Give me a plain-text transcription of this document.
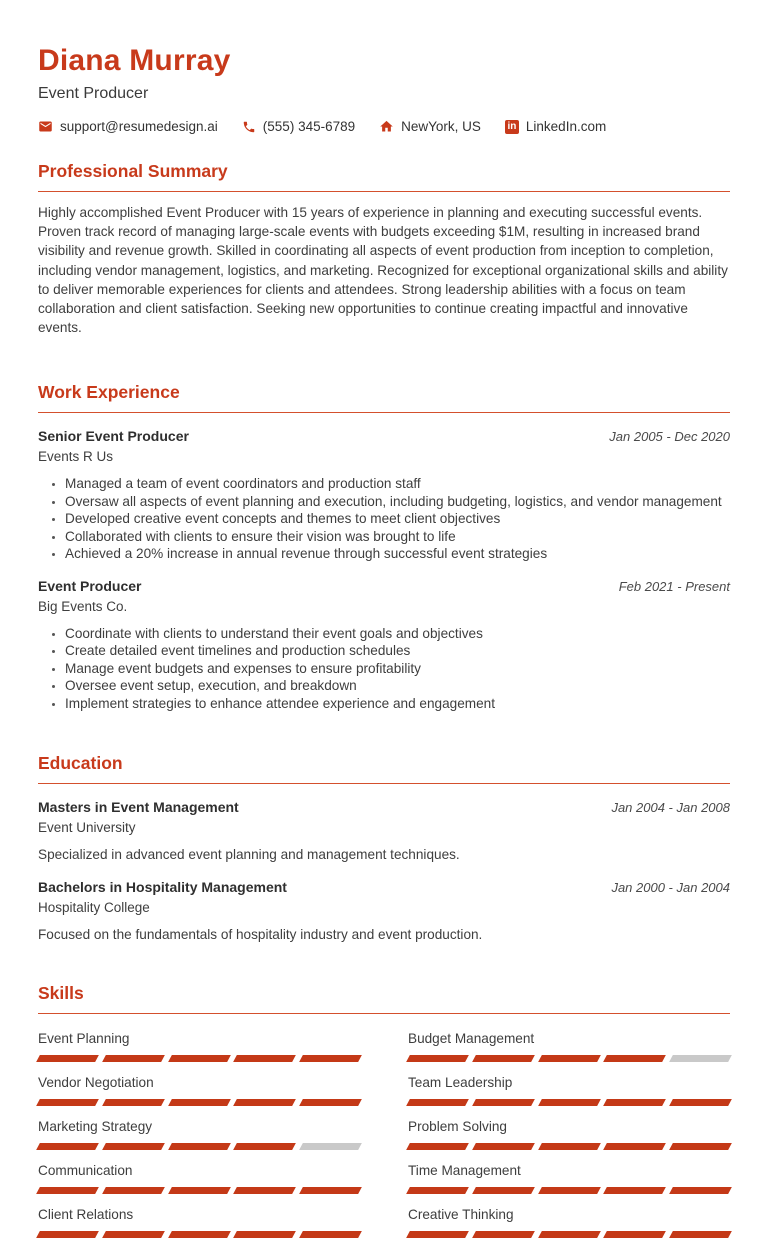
Diana Murray
Event Producer
support@resumedesign.ai	(555) 345-6789	NewYork, US	in LinkedIn.com
Professional Summary
Highly accomplished Event Producer with 15 years of experience in planning and executing successful events. Proven track record of managing large-scale events with budgets exceeding $1M, resulting in increased brand visibility and revenue growth. Skilled in coordinating all aspects of event production from inception to completion, including vendor management, logistics, and marketing. Recognized for exceptional organizational skills and ability to deliver memorable experiences for clients and attendees. Strong leadership abilities with a focus on team collaboration and client satisfaction. Seeking new opportunities to continue creating impactful and innovative events.
Work Experience
Senior Event Producer	Jan 2005 - Dec 2020
Events R Us
• Managed a team of event coordinators and production staff
• Oversaw all aspects of event planning and execution, including budgeting, logistics, and vendor management
• Developed creative event concepts and themes to meet client objectives
• Collaborated with clients to ensure their vision was brought to life
• Achieved a 20% increase in annual revenue through successful event strategies
Event Producer	Feb 2021 - Present
Big Events Co.
• Coordinate with clients to understand their event goals and objectives
• Create detailed event timelines and production schedules
• Manage event budgets and expenses to ensure profitability
• Oversee event setup, execution, and breakdown
• Implement strategies to enhance attendee experience and engagement
Education
Masters in Event Management	Jan 2004 - Jan 2008
Event University
Specialized in advanced event planning and management techniques.
Bachelors in Hospitality Management	Jan 2000 - Jan 2004
Hospitality College
Focused on the fundamentals of hospitality industry and event production.
Skills
Event Planning	Budget Management
Vendor Negotiation	Team Leadership
Marketing Strategy	Problem Solving
Communication	Time Management
Client Relations	Creative Thinking
